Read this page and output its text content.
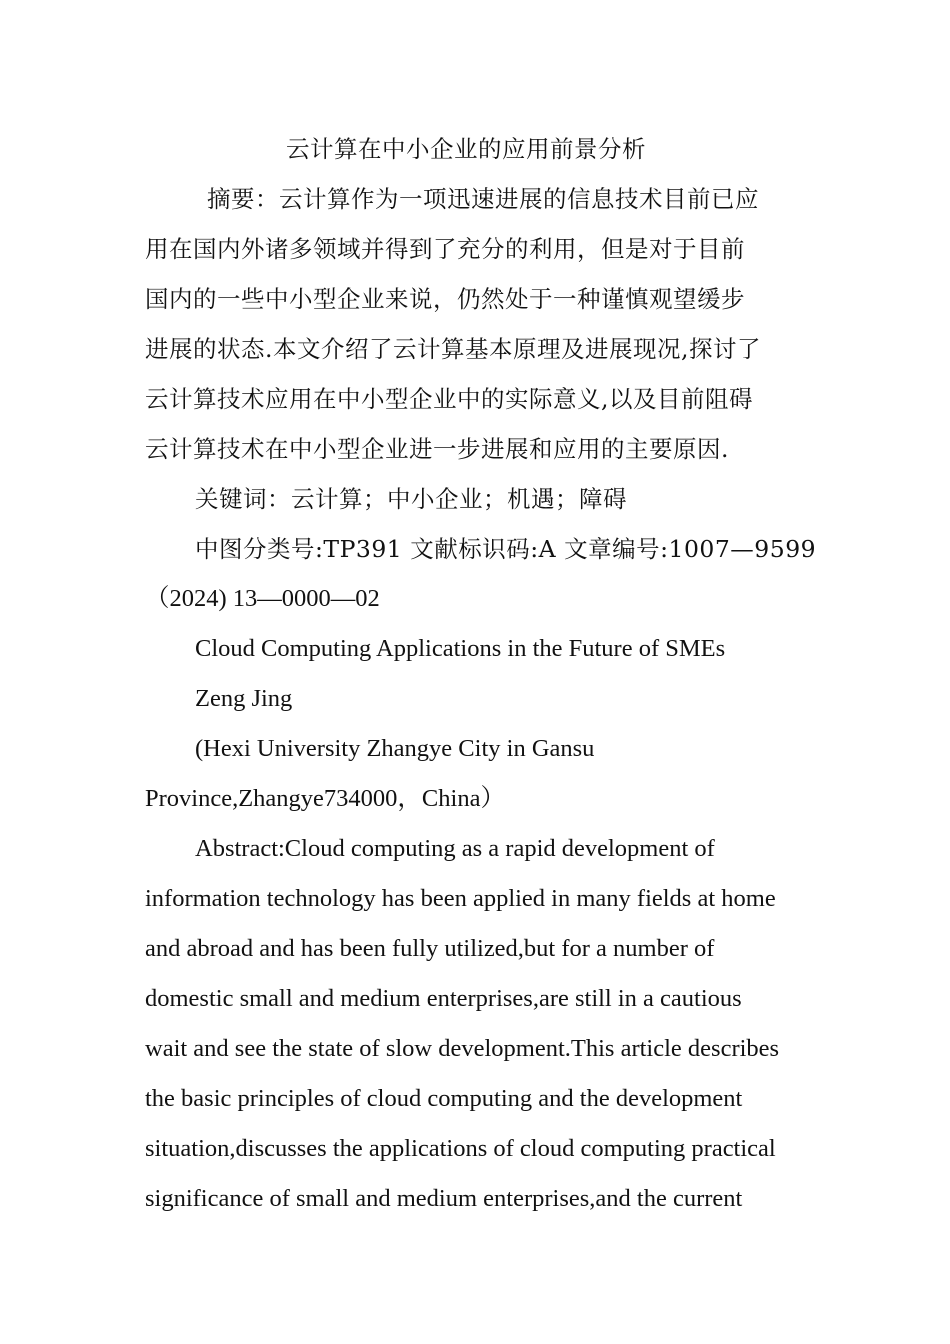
云计算在中小企业的应用前景分析
摘要：云计算作为一项迅速进展的信息技术目前已应
用在国内外诸多领域并得到了充分的利用，但是对于目前
国内的一些中小型企业来说，仍然处于一种谨慎观望缓步
进展的状态.本文介绍了云计算基本原理及进展现况,探讨了
云计算技术应用在中小型企业中的实际意义,以及目前阻碍
云计算技术在中小型企业进一步进展和应用的主要原因.
关键词：云计算；中小企业；机遇；障碍
中图分类号:TP391 文献标识码:A 文章编号:1007—9599
（2024) 13—0000—02
Cloud Computing Applications in the Future of SMEs
Zeng Jing
(Hexi University Zhangye City in Gansu
Province,Zhangye734000，China）
Abstract:Cloud computing as a rapid development of
information technology has been applied in many fields at home
and abroad and has been fully utilized,but for a number of
domestic small and medium enterprises,are still in a cautious
wait and see the state of slow development.This article describes
the basic principles of cloud computing and the development
situation,discusses the applications of cloud computing practical
significance of small and medium enterprises,and the current
